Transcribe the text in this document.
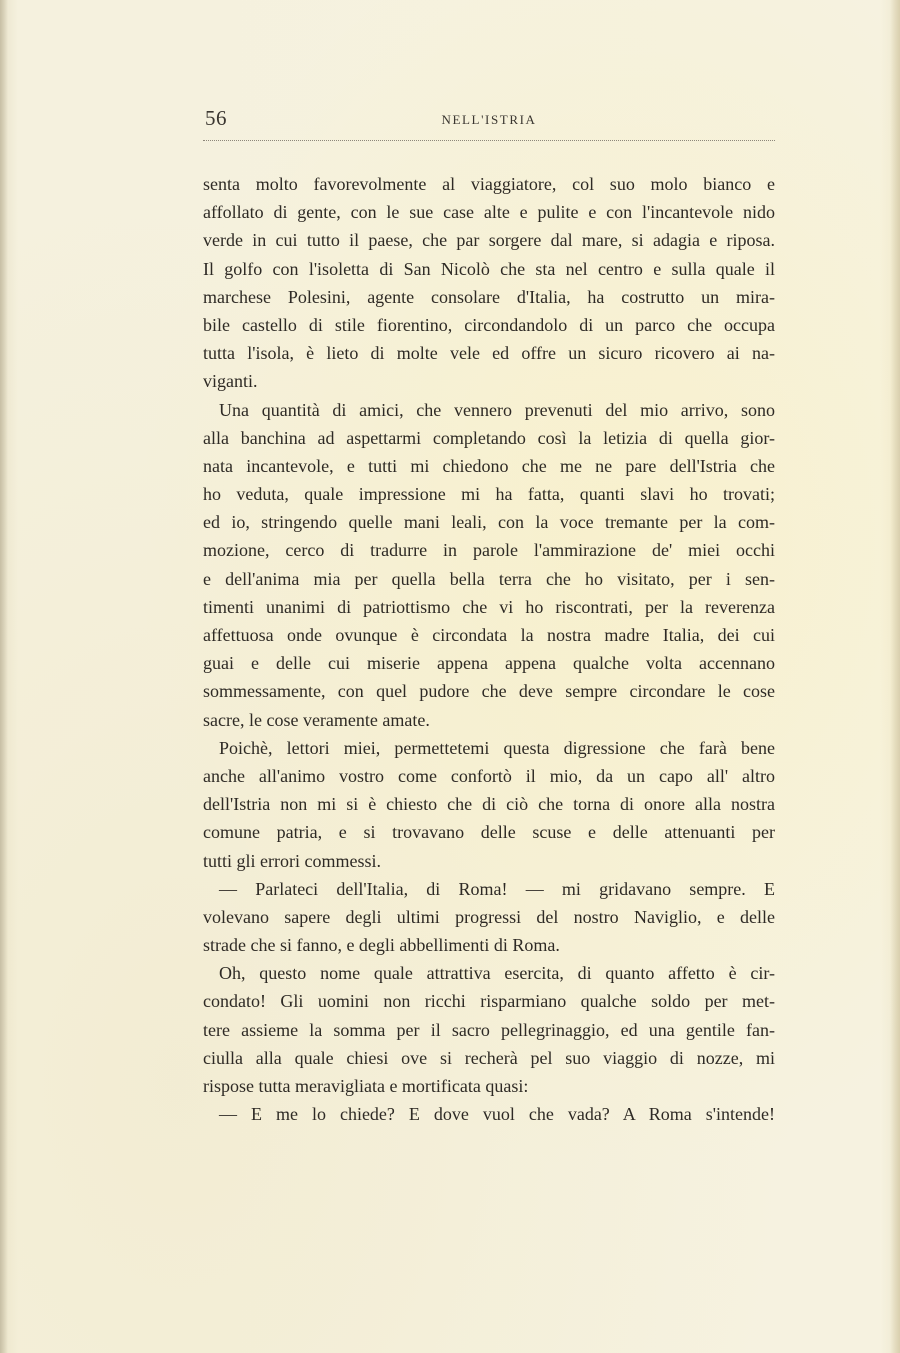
56	NELL'ISTRIA
senta molto favorevolmente al viaggiatore, col suo molo bianco e
affollato di gente, con le sue case alte e pulite e con l'incantevole nido
verde in cui tutto il paese, che par sorgere dal mare, si adagia e riposa.
Il golfo con l'isoletta di San Nicolò che sta nel centro e sulla quale il
marchese Polesini, agente consolare d'Italia, ha costrutto un mira-
bile castello di stile fiorentino, circondandolo di un parco che occupa
tutta l'isola, è lieto di molte vele ed offre un sicuro ricovero ai na-
viganti.
Una quantità di amici, che vennero prevenuti del mio arrivo, sono
alla banchina ad aspettarmi completando così la letizia di quella gior-
nata incantevole, e tutti mi chiedono che me ne pare dell'Istria che
ho veduta, quale impressione mi ha fatta, quanti slavi ho trovati;
ed io, stringendo quelle mani leali, con la voce tremante per la com-
mozione, cerco di tradurre in parole l'ammirazione de' miei occhi
e dell'anima mia per quella bella terra che ho visitato, per i sen-
timenti unanimi di patriottismo che vi ho riscontrati, per la reverenza
affettuosa onde ovunque è circondata la nostra madre Italia, dei cui
guai e delle cui miserie appena appena qualche volta accennano
sommessamente, con quel pudore che deve sempre circondare le cose
sacre, le cose veramente amate.
Poichè, lettori miei, permettetemi questa digressione che farà bene
anche all'animo vostro come confortò il mio, da un capo all' altro
dell'Istria non mi si è chiesto che di ciò che torna di onore alla nostra
comune patria, e si trovavano delle scuse e delle attenuanti per
tutti gli errori commessi.
— Parlateci dell'Italia, di Roma! — mi gridavano sempre. E
volevano sapere degli ultimi progressi del nostro Naviglio, e delle
strade che si fanno, e degli abbellimenti di Roma.
Oh, questo nome quale attrattiva esercita, di quanto affetto è cir-
condato! Gli uomini non ricchi risparmiano qualche soldo per met-
tere assieme la somma per il sacro pellegrinaggio, ed una gentile fan-
ciulla alla quale chiesi ove si recherà pel suo viaggio di nozze, mi
rispose tutta meravigliata e mortificata quasi:
— E me lo chiede? E dove vuol che vada? A Roma s'intende!
